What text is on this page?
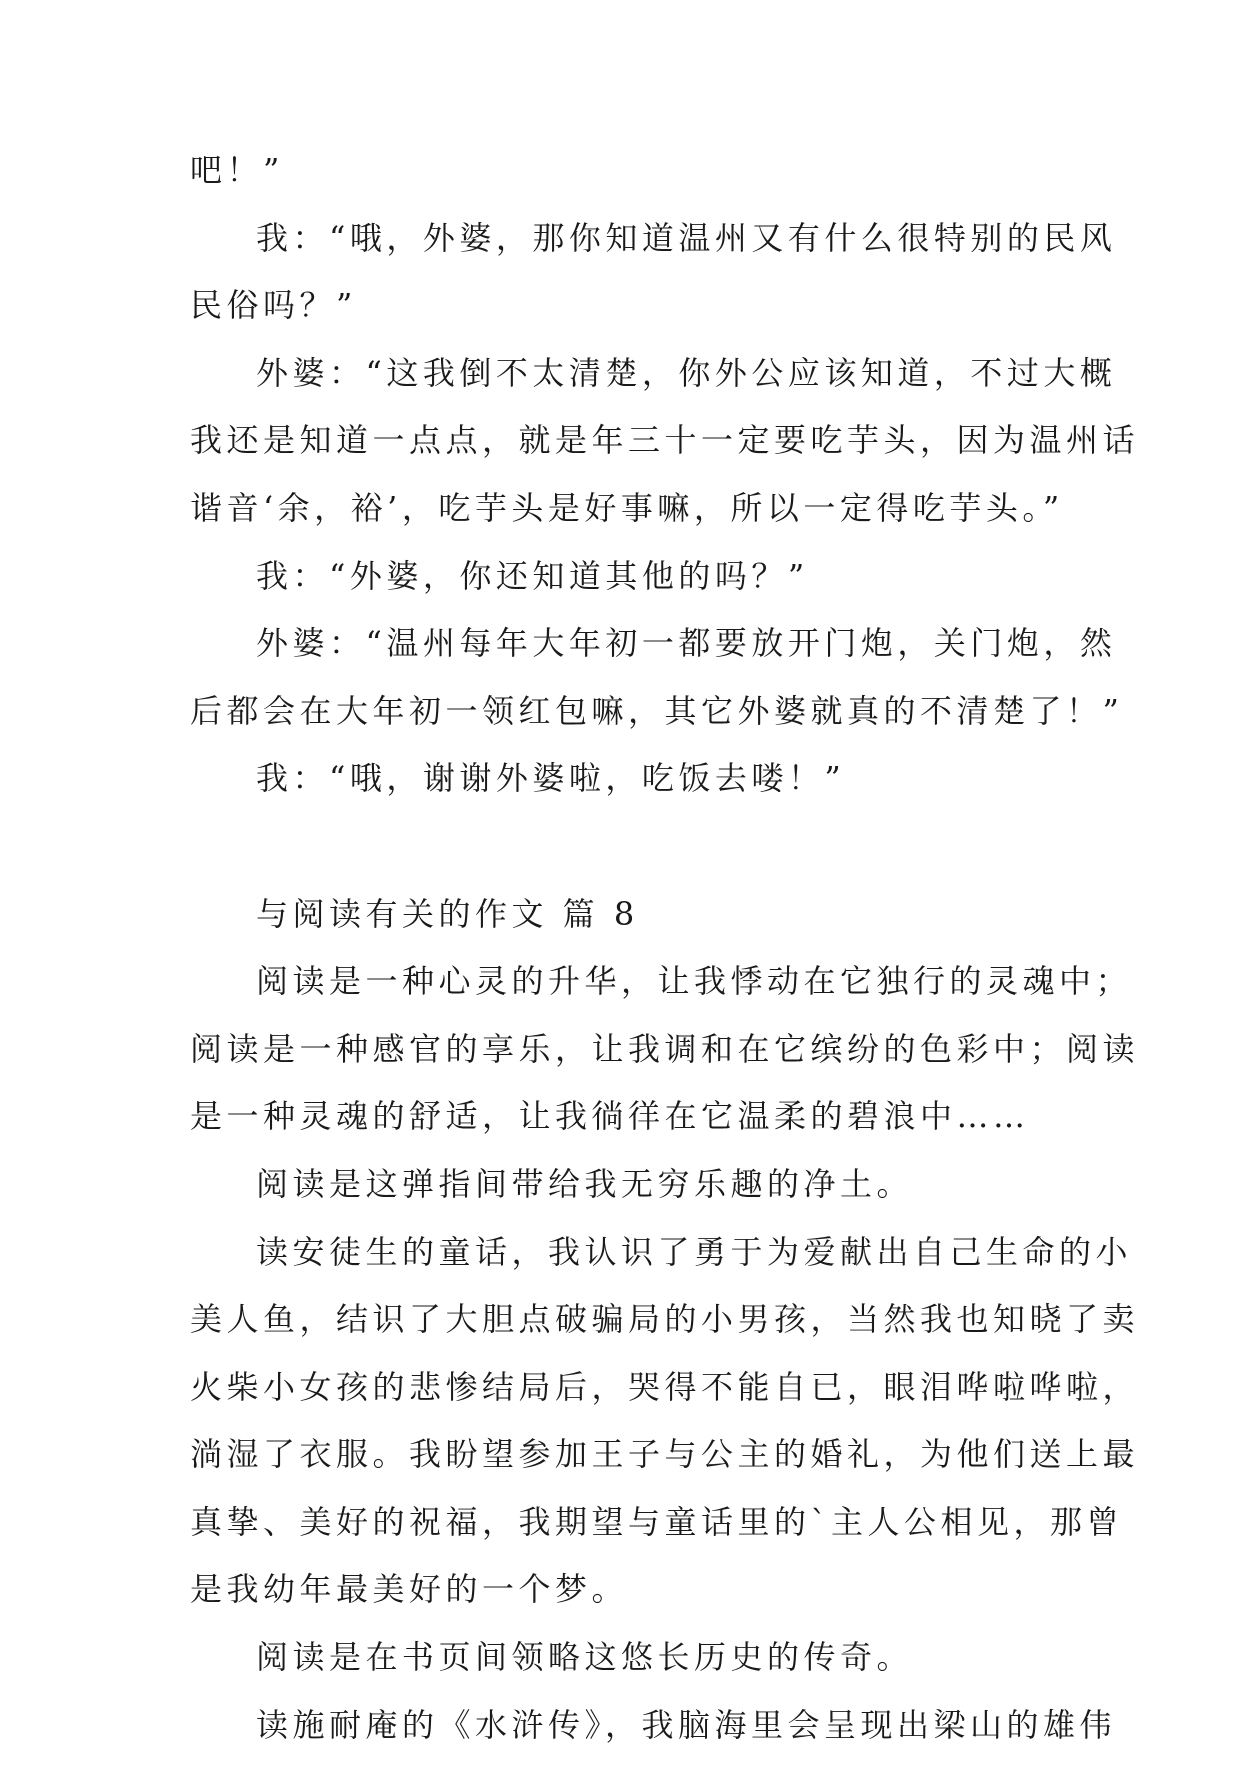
吧！”
我：“哦，外婆，那你知道温州又有什么很特别的民风
民俗吗？”
外婆：“这我倒不太清楚，你外公应该知道，不过大概
我还是知道一点点，就是年三十一定要吃芋头，因为温州话
谐音‘余，裕’，吃芋头是好事嘛，所以一定得吃芋头。”
我：“外婆，你还知道其他的吗？”
外婆：“温州每年大年初一都要放开门炮，关门炮，然
后都会在大年初一领红包嘛，其它外婆就真的不清楚了！”
我：“哦，谢谢外婆啦，吃饭去喽！”
与阅读有关的作文 篇 8
阅读是一种心灵的升华，让我悸动在它独行的灵魂中；
阅读是一种感官的享乐，让我调和在它缤纷的色彩中；阅读
是一种灵魂的舒适，让我徜徉在它温柔的碧浪中……
阅读是这弹指间带给我无穷乐趣的净土。
读安徒生的童话，我认识了勇于为爱献出自己生命的小
美人鱼，结识了大胆点破骗局的小男孩，当然我也知晓了卖
火柴小女孩的悲惨结局后，哭得不能自已，眼泪哗啦哗啦，
淌湿了衣服。我盼望参加王子与公主的婚礼，为他们送上最
真挚、美好的祝福，我期望与童话里的`主人公相见，那曾
是我幼年最美好的一个梦。
阅读是在书页间领略这悠长历史的传奇。
读施耐庵的《水浒传》，我脑海里会呈现出梁山的雄伟
